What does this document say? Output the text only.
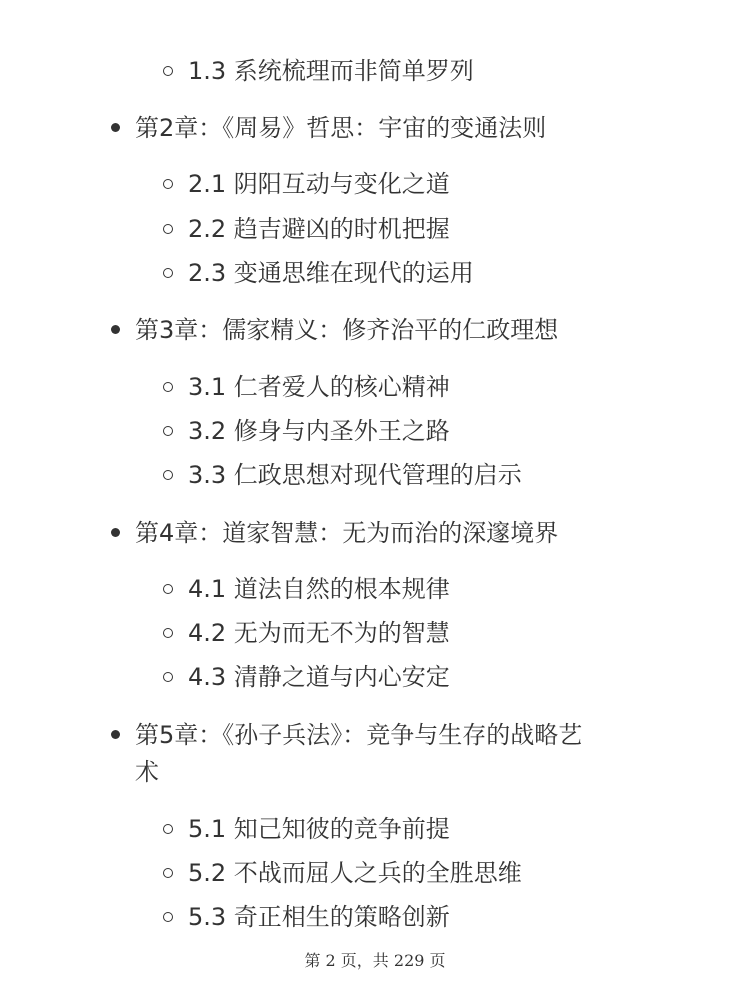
1.3 系统梳理而非简单罗列
第2章：《周易》哲思：宇宙的变通法则
2.1 阴阳互动与变化之道
2.2 趋吉避凶的时机把握
2.3 变通思维在现代的运用
第3章：儒家精义：修齐治平的仁政理想
3.1 仁者爱人的核心精神
3.2 修身与内圣外王之路
3.3 仁政思想对现代管理的启示
第4章：道家智慧：无为而治的深邃境界
4.1 道法自然的根本规律
4.2 无为而无不为的智慧
4.3 清静之道与内心安定
第5章：《孙子兵法》：竞争与生存的战略艺
术
5.1 知己知彼的竞争前提
5.2 不战而屈人之兵的全胜思维
5.3 奇正相生的策略创新
第 2 页，共 229 页
